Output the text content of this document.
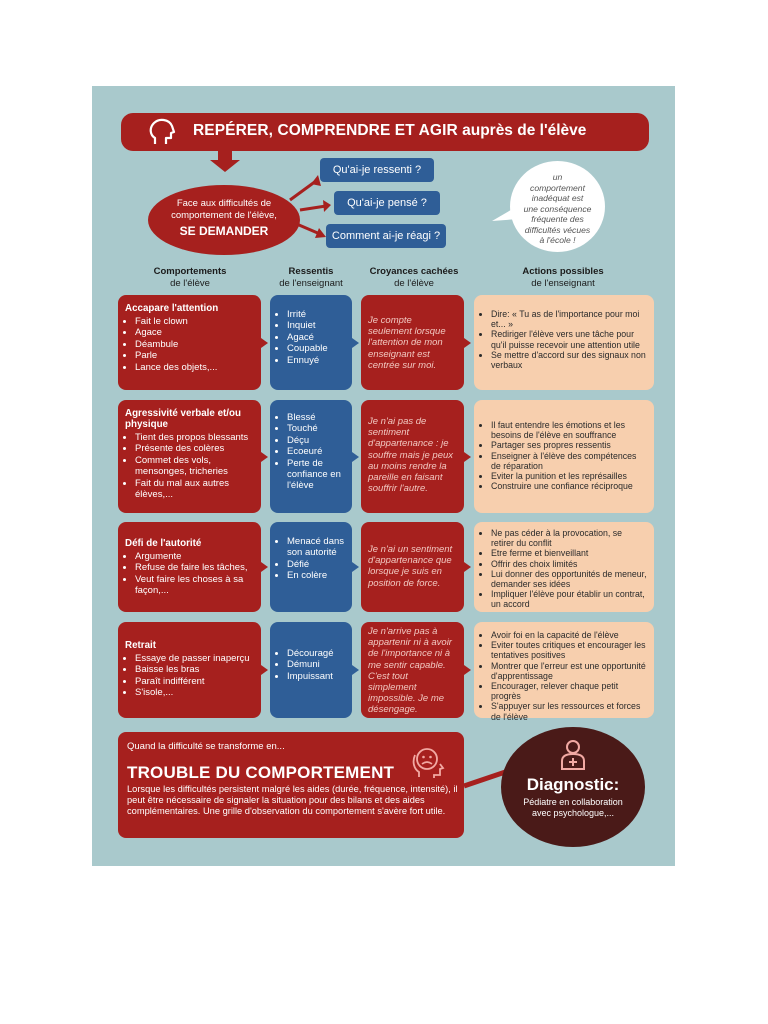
REPÉRER, COMPRENDRE ET AGIR auprès de l'élève
Face aux difficultés de
comportement de l'élève,
SE DEMANDER
Qu'ai-je ressenti ?
Qu'ai-je pensé ?
Comment ai-je réagi ?
un
comportement
inadéquat est
une conséquence
fréquente des
difficultés vécues
à l'école !
Comportements
de l'élève
Ressentis
de l'enseignant
Croyances cachées
de l'élève
Actions possibles
de l'enseignant
Accapare l'attention
• Fait le clown
• Agace
• Déambule
• Parle
• Lance des objets,...
• Irrité
• Inquiet
• Agacé
• Coupable
• Ennuyé
Je compte seulement lorsque l'attention de mon enseignant est centrée sur moi.
• Dire: « Tu as de l'importance pour moi et... »
• Rediriger l'élève vers une tâche pour qu'il puisse recevoir une attention utile
• Se mettre d'accord sur des signaux non verbaux
Agressivité verbale et/ou physique
• Tient des propos blessants
• Présente des colères
• Commet des vols, mensonges, tricheries
• Fait du mal aux autres élèves,...
• Blessé
• Touché
• Déçu
• Ecoeuré
• Perte de confiance en l'élève
Je n'ai pas de sentiment d'appartenance : je souffre mais je peux au moins rendre la pareille en faisant souffrir l'autre.
• Il faut entendre les émotions et les besoins de l'élève en souffrance
• Partager ses propres ressentis
• Enseigner à l'élève des compétences de réparation
• Eviter la punition et les représailles
• Construire une confiance réciproque
Défi de l'autorité
• Argumente
• Refuse de faire les tâches,
• Veut faire les choses à sa façon,...
• Menacé dans son autorité
• Défié
• En colère
Je n'ai un sentiment d'appartenance que lorsque je suis en position de force.
• Ne pas céder à la provocation, se retirer du conflit
• Etre ferme et bienveillant
• Offrir des choix limités
• Lui donner des opportunités de meneur, demander ses idées
• Impliquer l'élève pour établir un contrat, un accord
Retrait
• Essaye de passer inaperçu
• Baisse les bras
• Paraît indifférent
• S'isole,...
• Découragé
• Démuni
• Impuissant
Je n'arrive pas à appartenir ni à avoir de l'importance ni à me sentir capable. C'est tout simplement impossible. Je me désengage.
• Avoir foi en la capacité de l'élève
• Eviter toutes critiques et encourager les tentatives positives
• Montrer que l'erreur est une opportunité d'apprentissage
• Encourager, relever chaque petit progrès
• S'appuyer sur les ressources et forces de l'élève
Quand la difficulté se transforme en...
TROUBLE DU COMPORTEMENT
Lorsque les difficultés persistent malgré les aides (durée, fréquence, intensité), il peut être nécessaire de signaler la situation pour des bilans et des aides complémentaires. Une grille d'observation du comportement s'avère fort utile.
Diagnostic:
Pédiatre en collaboration
avec psychologue,...
